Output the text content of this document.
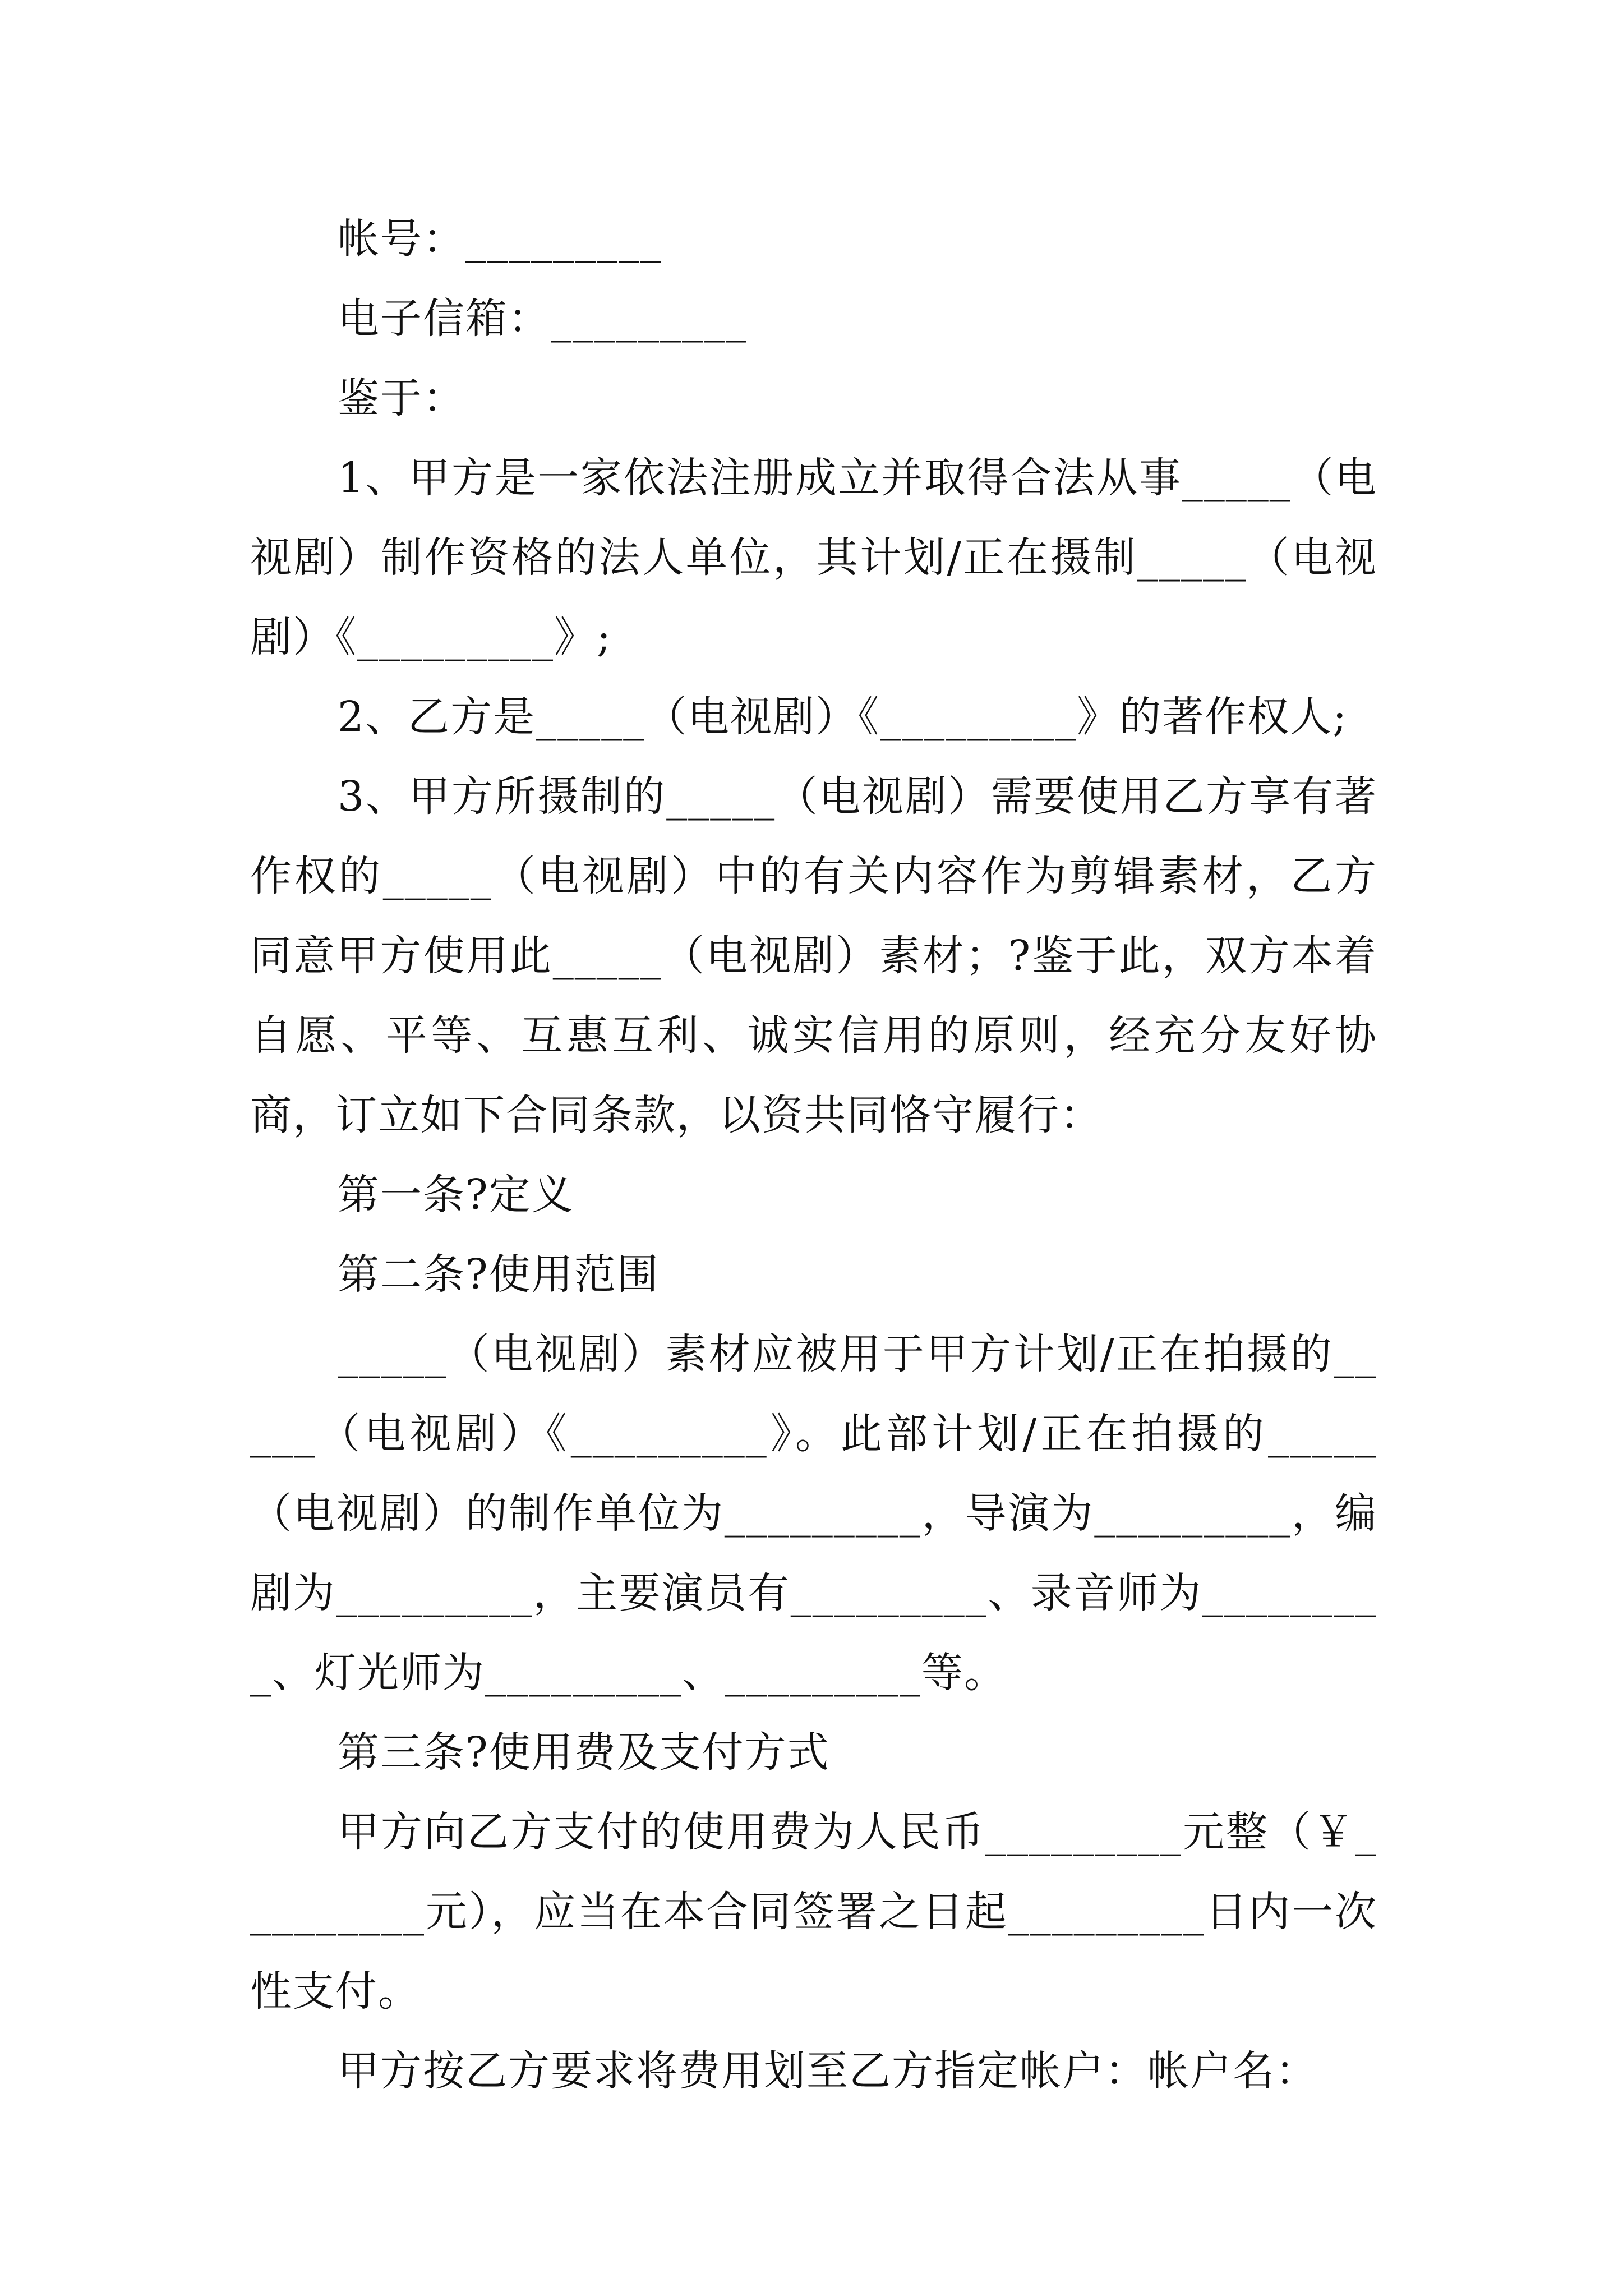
帐号：_________

电子信箱：_________

鉴于：

1、甲方是一家依法注册成立并取得合法从事_____（电视剧）制作资格的法人单位，其计划/正在摄制_____（电视剧）《_________》;

2、乙方是_____（电视剧）《_________》的著作权人;

3、甲方所摄制的_____（电视剧）需要使用乙方享有著作权的_____（电视剧）中的有关内容作为剪辑素材，乙方同意甲方使用此_____（电视剧）素材；?鉴于此，双方本着自愿、平等、互惠互利、诚实信用的原则，经充分友好协商，订立如下合同条款，以资共同恪守履行：

第一条?定义

第二条?使用范围

_____（电视剧）素材应被用于甲方计划/正在拍摄的_____（电视剧）《_________》。此部计划/正在拍摄的_____（电视剧）的制作单位为_________，导演为_________，编剧为_________，主要演员有_________、录音师为_________、灯光师为_________、_________等。

第三条?使用费及支付方式

甲方向乙方支付的使用费为人民币_________元整（￥_________元），应当在本合同签署之日起_________日内一次性支付。

甲方按乙方要求将费用划至乙方指定帐户：帐户名：
